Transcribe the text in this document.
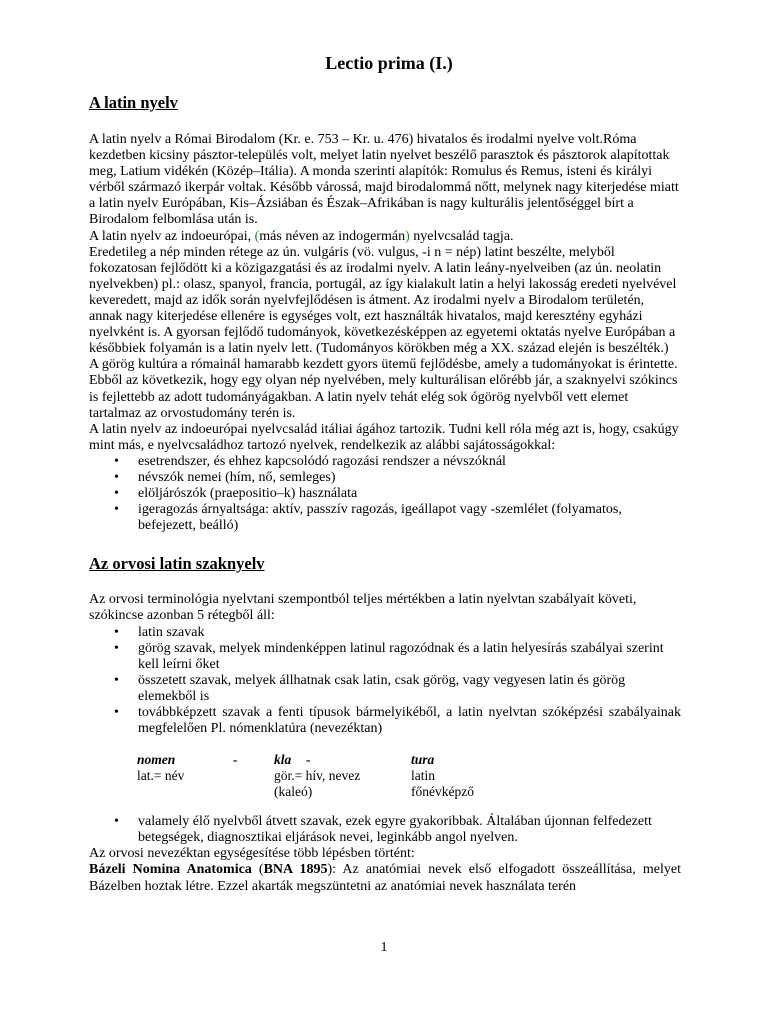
Lectio prima (I.)
A latin nyelv

A latin nyelv a Római Birodalom (Kr. e. 753 – Kr. u. 476) hivatalos és irodalmi nyelve volt.Róma kezdetben kicsiny pásztor-település volt, melyet latin nyelvet beszélő parasztok és pásztorok alapítottak meg, Latium vidékén (Közép–Itália). A monda szerinti alapítók: Romulus és Remus, isteni és királyi vérből származó ikerpár voltak. Később várossá, majd birodalommá nőtt, melynek nagy kiterjedése miatt a latin nyelv Európában, Kis–Ázsiában és Észak–Afrikában is nagy kulturális jelentőséggel bírt a Birodalom felbomlása után is.

A latin nyelv az indoeurópai, (más néven az indogermán) nyelvcsalád tagja.

Eredetileg a nép minden rétege az ún. vulgáris (vö. vulgus, -i n = nép) latint beszélte, melyből fokozatosan fejlődött ki a közigazgatási és az irodalmi nyelv. A latin leány-nyelveiben (az ún. neolatin nyelvekben) pl.: olasz, spanyol, francia, portugál, az így kialakult latin a helyi lakosság eredeti nyelvével keveredett, majd az idők során nyelvfejlődésen is átment. Az irodalmi nyelv a Birodalom területén, annak nagy kiterjedése ellenére is egységes volt, ezt használták hivatalos, majd keresztény egyházi nyelvként is. A gyorsan fejlődő tudományok, következésképpen az egyetemi oktatás nyelve Európában a későbbiek folyamán is a latin nyelv lett. (Tudományos körökben még a XX. század elején is beszélték.)

A görög kultúra a rómainál hamarabb kezdett gyors ütemű fejlődésbe, amely a tudományokat is érintette. Ebből az következik, hogy egy olyan nép nyelvében, mely kulturálisan előrébb jár, a szaknyelvi szókincs is fejlettebb az adott tudományágakban. A latin nyelv tehát elég sok ógörög nyelvből vett elemet tartalmaz az orvostudomány terén is.

A latin nyelv az indoeurópai nyelvcsalád itáliai ágához tartozik. Tudni kell róla még azt is, hogy, csakúgy mint más, e nyelvcsaládhoz tartozó nyelvek, rendelkezik az alábbi sajátosságokkal:

• esetrendszer, és ehhez kapcsolódó ragozási rendszer a névszóknál
• névszók nemei (hím, nő, semleges)
• elöljárószók (praepositio–k) használata
• igeragozás árnyaltsága: aktív, passzív ragozás, igeállapot vagy -szemlélet (folyamatos, befejezett, beálló)
Az orvosi latin szaknyelv

Az orvosi terminológia nyelvtani szempontból teljes mértékben a latin nyelvtan szabályait követi, szókincse azonban 5 rétegből áll:

• latin szavak
• görög szavak, melyek mindenképpen latinul ragozódnak és a latin helyesírás szabályai szerint kell leírni őket
• összetett szavak, melyek állhatnak csak latin, csak görög, vagy vegyesen latin és görög elemekből is
• továbbképzett szavak a fenti típusok bármelyikéből, a latin nyelvtan szóképzési szabályainak megfelelően Pl. nómenklatúra (nevezéktan)
nomen	-	kla	-	tura
lat.= név		gör.= hív, nevez		latin
		(kaleó)		főnévképző
• valamely élő nyelvből átvett szavak, ezek egyre gyakoribbak. Általában újonnan felfedezett betegségek, diagnosztikai eljárások nevei, leginkább angol nyelven.

Az orvosi nevezéktan egységesítése több lépésben történt:

Bázeli Nomina Anatomica (BNA 1895): Az anatómiai nevek első elfogadott összeállítása, melyet Bázelben hoztak létre. Ezzel akarták megszüntetni az anatómiai nevek használata terén

1
